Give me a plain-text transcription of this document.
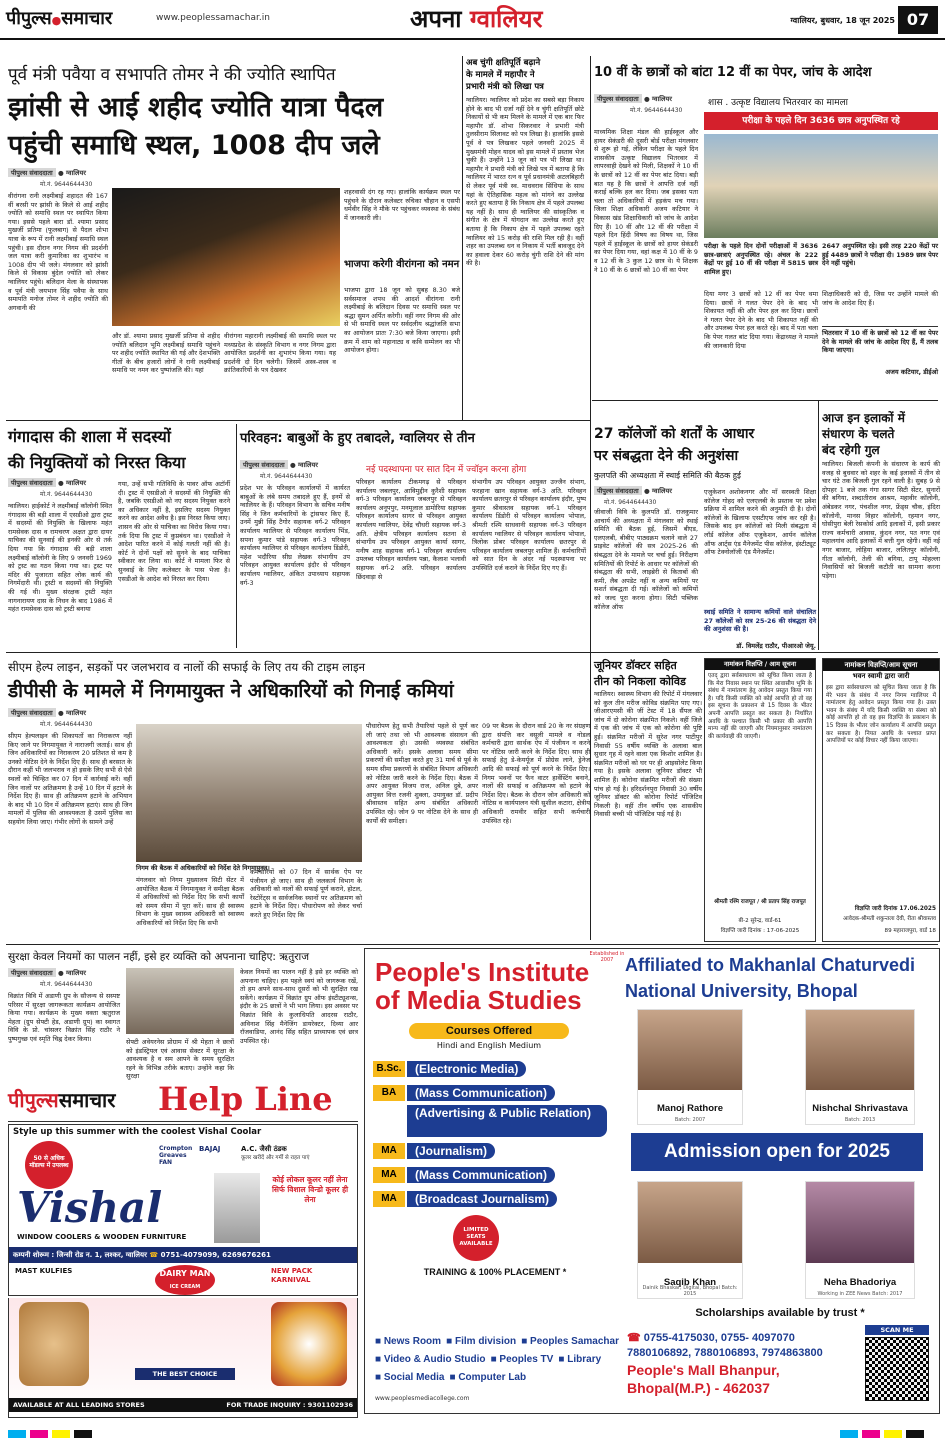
पीपुल्स●समाचार	www.peoplessamachar.in	अपना ग्वालियर	ग्वालियर, बुधवार, 18 जून 2025 07
पूर्व मंत्री पवैया व सभापति तोमर ने की ज्योति स्थापित
झांसी से आई शहीद ज्योति यात्रा पैदल
पहुंची समाधि स्थल, 1008 दीप जले
पीपुल्स संवाददाता ● ग्वालियर
मो.नं. 9644644430
वीरांगना रानी लक्ष्मीबाई शहादत की 167 वीं बरसी पर झांसी के किले से आई शहीद ज्योति को समाधि स्थल पर स्थापित किया गया। इससे पहले बारा डॉ. श्यामा प्रसाद मुखर्जी प्रतिमा (फूलबाग) से पैदल शोभा यात्रा के रूप में रानी लक्ष्मीबाई समाधि स्थल पहुंची। इस दौरान नगर निगम की प्रदर्शनी जल यात्रा करी कुमारिका का शुभारंभ व 1008 दीप भी जले। मंगलवार को झांसी किले से विकास बुंदेल ज्योति को लेकर ग्वालियर पहुंचे। बलिदान मेला के संस्थापक व पूर्व मंत्री जयभान सिंह पवैया के साथ समापति मनोज तोमर ने शहीद ज्योति की अगवानी की
और डॉ. श्यामा प्रसाद मुखर्जी प्रतिमा से शहीद ज्योति बलिदान भूमि लक्ष्मीबाई समाधि पहुंचने पर शहीद ज्योति स्थापित की गई और देशभक्ति गीतों के बीच हजारों लोगों ने रानी लक्ष्मीबाई समाधि पर नमन कर पुष्पांजलि की। यहां
वीरांगना महारानी लक्ष्मीबाई की समाधि स्थल पर मध्यप्रदेश के संस्कृति विभाग व नगर निगम द्वारा आयोजित प्रदर्शनी का शुभारंभ किया गया। यह प्रदर्शनी दो दिन चलेगी। जिसमें अस्त्र-शस्त्र व क्रांतिकारियों के पत्र देखकर
शहरवासी दंग रह गए। हालांकि कार्यक्रम स्थल पर पहुंचने के दौरान कलेक्टर रुचिका चौहान व एसपी धर्मवीर सिंह ने मौके पर पहुंचकर व्यवस्था के संबंध में जानकारी ली।
भाजपा करेगी वीरांगना को नमन
भाजपा द्वारा 18 जून को सुबह 8.30 बजे सर्वसमाज शपथ की आदर्श वीरांगना रानी लक्ष्मीबाई के बलिदान दिवस पर समाधि स्थल पर श्रद्धा सुमन अर्पित करेगी। वहीं नगर निगम की ओर से भी समाधि स्थल पर सर्वदलीय श्रद्धांजलि सभा का आयोजन प्रातः 7:30 बजे किया जाएगा। इसी क्रम में शाम को महानाट्य व कवि सम्मेलन का भी आयोजन होगा।
अब चुंगी क्षतिपूर्ति बढ़ाने
के मामले में महापौर ने
प्रभारी मंत्री को लिखा पत्र
ग्वालियर। ग्वालियर को प्रदेश का सबसे बड़ा निकाय होने के बाद भी दर्जा नहीं देने व चुंगी क्षतिपूर्ति छोटे निकायों से भी कम मिलने के मामले में एक बार फिर महापौर डॉ. शोभा सिकरवार ने प्रभारी मंत्री तुलसीराम सिलावट को पत्र लिखा है। हालांकि इससे पूर्व वे पत्र लिखकर पहले जनवरी 2025 में मुख्यमंत्री मोहन यादव को इस मामले में प्रस्ताव भेज चुकी हैं। उन्होंने 13 जून को पत्र भी लिखा था। महापौर ने प्रभारी मंत्री को लिखे पत्र में बताया है कि ग्वालियर में भारत रत्न व पूर्व प्रधानमंत्री अटलबिहारी से लेकर पूर्व मंत्री स्व. माधवराव सिंधिया के साथ यहां के ऐतिहासिक महत्व को मांगने का उल्लेख करते हुए बताया है कि निकाय क्षेत्र में पहले उपलब्ध यह नहीं है। साथ ही ग्वालियर की सांस्कृतिक व संगीत के क्षेत्र में योगदान का उल्लेख करते हुए बताया है कि निकाय क्षेत्र में पहले उपलब्ध रहते ग्वालियर को 15 करोड़ की राशि मिल रही है। वहीं शहर का उपलब्ध धन व निकाय में भर्ती बावजूद देने का हवाला देकर 60 करोड़ चुंगी राशि देने की मांग की है।
10 वीं के छात्रों को बांटा 12 वीं का पेपर, जांच के आदेश
पीपुल्स संवाददाता ● ग्वालियर
मो.नं. 9644644430
शास . उत्कृष्ट विद्यालय भितरवार का मामला
परीक्षा के पहले दिन 3636 छात्र अनुपस्थित रहे
माध्यमिक शिक्षा मंडल की हाईस्कूल और हायर सेकंडरी की दूसरी बोर्ड परीक्षा मंगलवार से शुरू हो गई, लेकिन परीक्षा के पहले दिन शासकीय उत्कृष्ट विद्यालय भितरवार में लापरवाही देखने को मिली, शिक्षकों ने 10 वीं के छात्रों को 12 वीं का पेपर बांट दिया। बड़ी बात यह है कि छात्रों ने आपत्ति दर्ज नहीं कराई बल्कि हल कर दिया। जब इसका पता चला तो अधिकारियों में हड़कंप मच गया। जिला शिक्षा अधिकारी अजय कटियार ने विकास खंड शिक्षाधिकारी को जांच के आदेश दिए हैं। 10 वीं और 12 वीं की परीक्षा में पहले दिन हिंदी विषय का विषय था, जिस पहले में हाईस्कूल के छात्रों को हायर सेकंडरी का पेपर दिया गया, वहां कक्ष में 10 वीं के 9 व 12 वीं के 3 कुल 12 छात्र थे। ये शिक्षक ने 10 वीं के 6 छात्रों को 10 वीं का पेपर
परीक्षा के पहले दिन दोनों परीक्षाओं में 3636 छात्र-छात्राएं अनुपस्थित रहे। अंचल के 222 केंद्रों पर हुई 10 वीं की परीक्षा में 5815 छात्र शामिल हुए।
2647 अनुपस्थित रहे। इसी तरह 220 केंद्रों पर हुई 4489 छात्रों ने परीक्षा दी। 1989 छात्र पेपर देने नहीं पहुंचे।
दिया मगर 3 छात्रों को 12 वीं का पेपर थमा दिया। छात्रों ने गलत पेपर देने के बाद भी शिकायत नहीं की और पेपर हल कर दिया। छात्रों ने गलत पेपर देने के बाद भी शिकायत नहीं की और उपलब्ध पेपर हल करते रहे। बाद में पता चला कि पेपर गलत बांट दिया गया। केंद्राध्यक्ष ने मामले की जानकारी दिया
शिक्षाधिकारी को दी, जिस पर उन्होंने मामले की जांच के आदेश दिए हैं।
भितरवार में 10 वीं के छात्रों को 12 वीं का पेपर देने के मामले की जांच के आदेश दिए हैं, मैं तलब किया जाएगा।
अजय कटियार, डीईओ
गंगादास की शाला में सदस्यों
की नियुक्तियों को निरस्त किया
पीपुल्स संवाददाता ● ग्वालियर
मो.नं. 9644644430
ग्वालियर। हाईकोर्ट ने लक्ष्मीबाई कॉलोनी स्थित गंगादास की बड़ी शाला में एसडीओ द्वारा ट्रस्ट में सदस्यों की नियुक्ति के खिलाफ महंत रामसेवक दास व रामचरण अक्षत द्वारा दायर याचिका की सुनवाई की इनकी ओर से तर्क दिया गया कि गंगादास की बड़ी शाला लक्ष्मीबाई कॉलोनी के लिए 9 जनवरी 1969 को ट्रस्ट का गठन किया गया था। ट्रस्ट पर मंदिर की पुजारता सहित लोक कार्य की निगमेंदारी थी। ट्रस्टी व सदस्यों की नियुक्ति की गई थी। मुख्य संरक्षक ट्रस्टी महंत नागनारायण दास के निधन के बाद 1986 में महंत रामसेवक दास को ट्रस्टी बनाया
गया, उन्हें सभी गतिविधि के पावर ऑफ अटॉर्नी दी। ट्रस्ट में एसडीओ ने सदस्यों की नियुक्ति की है, जबकि एसडीओ को नए सदस्य नियुक्त करने का अधिकार नहीं है, इसलिए सदस्य नियुक्त करने का आदेश अवैध है। इस निरस्त किया जाए। शासन की ओर से याचिका का विरोध किया गया। तर्क दिया कि ट्रस्ट में कुप्रबंधन था। एसडीओ ने आदेश पारित करने में कोई गलती नहीं की है। कोर्ट ने दोनों पक्षों को सुनने के बाद याचिका स्वीकार कर लिया था। कोर्ट ने मामला फिर से सुनवाई के लिए कलेक्टर के पास भेजा है। एसडीओ के आदेश को निरस्त कर दिया।
परिवहन: बाबुओं के हुए तबादले, ग्वालियर से तीन
पीपुल्स संवाददाता ● ग्वालियर
मो.नं. 9644644430
नई पदस्थापना पर सात दिन में ज्वॉइन करना होगा
प्रदेश भर के परिवहन कार्यालयों में कार्यरत बाबुओं के लंबे समय तबादले हुए हैं, इनमें से ग्वालियर के हैं। परिवहन विभाग के सचिव मनीष सिंह ने जिन कर्मचारियों के ट्रांसफर किए हैं, उनमें मुन्नी सिंह टैगोर सहायक वर्ग-2 परिवहन कार्यालय ग्वालियर से परिवहन कार्यालय भिंड, सपना कुमार पांडे सहायक वर्ग-3 परिवहन कार्यालय ग्वालियर से परिवहन कार्यालय डिंडोरी, महेश भदौरिया सीघ्र लेखक संभागीय उप परिवहन आयुक्त कार्यालय इंदौर से परिवहन कार्यालय ग्वालियर, अंकित उपाध्याय सहायक वर्ग-3
परिवहन कार्यालय टीकमगढ़ से परिवहन कार्यालय जबलपुर, आविमुद्दीन कुरैशी सहायक वर्ग-3 परिवहन कार्यालय जबलपुर से परिवहन कार्यालय अनूपपुर, मनमूलाल डामोरिया सहायक परिवहन कार्यालय सागर से परिवहन आयुक्त कार्यालय ग्वालियर, देवेंद्र चौधरी सहायक वर्ग-3 अति. क्षेत्रीय परिवहन कार्यालय सतना से संभागीय उप परिवहन आयुक्त कार्या सागर, मनीष शाह सहायक वर्ग-1 परिवहन कार्यालय उपलब्ध परिवहन कार्यालय पन्ना, कैलाश भलावी सहायक वर्ग-2 अति. परिवहन कार्यालय छिंदवाड़ा से
संभागीय उप परिवहन आयुक्त उज्जैन संभाग, फरहाना खान सहायक वर्ग-3 अति. परिवहन कार्यालय छतरपुर से परिवहन कार्यालय इंदौर, पुष्प कुमार श्रीवास्तव सहायक वर्ग-1 परिवहन कार्यालय डिंडोरी से परिवहन कार्यालय भोपाल, श्रीमती रश्मि साधवानी सहायक वर्ग-3 परिवहन कार्यालय ग्वालियर से परिवहन कार्यालय भोपाल, त्रिलोक प्रोबर परिवहन कार्यालय छतरपुर से परिवहन कार्यालय जबलपुर शामिल हैं। कर्मचारियों को सात दिन के अंदर नई पदस्थापना पर उपस्थिति दर्ज कराने के निर्देश दिए गए हैं।
27 कॉलेजों को शर्तों के आधार
पर संबद्धता देने की अनुशंसा
कुलपति की अध्यक्षता में स्थाई समिति की बैठक हुई
पीपुल्स संवाददाता ● ग्वालियर
मो.नं. 9644644430
जीवाजी विवि के कुलपति डॉ. राजकुमार आचार्य की अध्यक्षता में मंगलवार को स्थाई समिति की बैठक हुई, जिसमें बीएड, एलएलबी, बीबीए पाठ्यक्रम चलाने वाले 27 प्राइवेट कॉलेजों की सत्र 2025-26 की संबद्धता देने के मामले पर चर्चा हुई। निरीक्षण समितियों की रिपोर्ट के आधार पर कॉलेजों की संबद्धता की सभी, लाइब्रेरी से किताबों की कमी, लैब अपडेट नहीं व अन्य कमियों पर सशर्त संबद्धता दी गई। कॉलेजों को कमियों को जल्द पूरा करना होगा। सिटी पब्लिक कॉलेज ऑफ
एजुकेशन अशोकनगर और माँ सरस्वती शिक्षा कॉलेज गोहद को एलएलबी के प्रस्ताव पर प्रवेश प्रक्रिया में शामिल करने की अनुमति दी है। दोनों कॉलेजों के खिलाफ एसटीएफ जांच कर रही है। जिसके बाद इन कॉलेजों को मिली संबद्धता में लॉर्ड कॉलेज ऑफ एजुकेशन, आर्यन कॉलेज ऑफ आर्ट्स एंड मैनेजमेंट पीस कॉलेज, इंस्टीट्यूट ऑफ टेक्नोलॉजी एंड मैनेजमेंट।
स्थाई समिति ने सामान्य कमियों वाले संचालित 27 कॉलेजों को सत्र 25-26 की संबद्धता देने की अनुशंसा की है।
डॉ. विमलेंद्र राठौर, पीआरओ जेयू.
आज इन इलाकों में
संधारण के चलते
बंद रहेगी गुल
ग्वालियर। बिजली कंपनी के संधारण के कार्य की वजह से बुधवार को शहर के कई इलाकों में तीन से चार घंटे तक बिजली गुल रहने वाली है। सुबह 9 से दोपहर 1 बजे तक गंगा सागर सिटी सेंटर, सुनारों की बगिया, शब्दातीराव आश्रम, महावीर कॉलोनी, अंबेडकर नगर, पंचशील नगर, फ्रेंड्स चौक, इंदिरा कॉलोनी, मानस विहार कॉलोनी, रहमान नगर, घोसीपुरा बेली रेसकोर्स आदि इलाकों में, इसी प्रकार राज्य कर्मचारी आवास, कुंदन नगर, पत नगर एवं महालगांव आदि इलाकों में बत्ती गुल रहेगी। वहीं नई नगर बाजार, लोहिया बाजार, ललितपुर कॉलोनी, गीता कॉलोनी, तेली की बगिया, टापू मोहल्ला निवासियों को बिजली कटौती का सामना करना पड़ेगा।
सीएम हेल्प लाइन, सड़कों पर जलभराव व नालों की सफाई के लिए तय की टाइम लाइन
डीपीसी के मामले में निगमायुक्त ने अधिकारियों को गिनाई कमियां
पीपुल्स संवाददाता ● ग्वालियर
मो.नं. 9644644430
सीएम हेल्पलाइन की शिकायतों का निराकरण नहीं किए जाने पर निगमायुक्त ने नाराजगी जताई। साथ ही जिन अधिकारियों का निराकरण 20 प्रतिशत से कम है उनको नोटिस देने के निर्देश दिए हैं। साथ ही बरसात के दौरान कहीं भी जलभराव न हो इसके लिए सभी से ऐसे स्थलों को चिन्हित कर 07 दिन में कार्रवाई करें। वहीं जिन नालों पर अतिक्रमण है उन्हें 10 दिन में हटाने के निर्देश दिए हैं। साथ ही अतिक्रमण हटाने के अभियान के बाद भी 10 दिन में अतिक्रमण हटाएं। साथ ही जिन मामलों में पुलिस की आवश्यकता है उसमें पुलिस का सहयोग लिया जाए। गंभीर लोगों के सामने उन्हें
निगम की बैठक में अधिकारियों को निर्देश देते निगमायुक्त।
मंगलवार को निगम मुख्यालय सिटी सेंटर में आयोजित बैठक में निगमायुक्त ने समीक्षा बैठक में अधिकारियों को निर्देश दिए कि सभी कार्यों को समय सीमा में पूरा करें। साथ ही स्वास्थ्य विभाग के मुख्य स्वास्थ्य अधिकारी को स्वास्थ्य अधिकारियों को निर्देश दिए कि सभी
कर्मचारियों को 07 दिन में सार्थक ऐप पर पंजीयन हो जाए। साथ ही जलकार्य विभाग के अधिकारी को नालों की सफाई पूर्ण कराने, होटल, रेस्टोरेंट्स व सार्वजनिक स्थानों पर अतिक्रमण को हटाने के निर्देश दिए। पौधारोपण को लेकर चर्चा करते हुए निर्देश दिए कि
पौधारोपण हेतु सभी तैयारियां पहले से पूर्ण कर ली जाएं तथा जो भी आवश्यक संसाधन की आवश्यकता हो। उसकी व्यवस्था संबंधित अधिकारी करें। इसके अलावा समय सीमा प्रकरणों की समीक्षा करते हुए 31 मार्च से पूर्व के समय सीमा प्रकरणों के संबंधित विभाग अधिकारी को नोटिस जारी करने के निर्देश दिए। बैठक में अपर आयुक्त विजय राज, अनिल दुबे, अपर आयुक्त वित्त रजनी शुक्ला, उपायुक्त डॉ. प्रदीप श्रीवास्तव सहित अन्य संबंधित अधिकारी उपस्थित रहे। जोन 9 पर नोटिस देने के साथ ही कार्यों की समीक्षा।
09 पर बैठक के दौरान वार्ड 20 के नर संग्रहण द्वारा संपत्ति कर वसूली मामले व नोडल कर्मचारी द्वारा सार्थक ऐप में पंजीयन न करने पर नोटिस जारी करने के निर्देश दिए। साथ ही सफाई हेतु डे-केयर्यूज में प्रोग्रेस लाने, ड्रेनेज आदि की सफाई को पूर्ण करने के निर्देश दिए। निगम भवनों पर फैन वाटर हार्वेस्टिंग बनाने, नालों की सफाई व अतिक्रमण को हटाने के निर्देश दिए। बैठक के दौरान जोन अधिकारी को नोटिस व कार्यपालन यंत्री सुशील कटारा, क्षेत्रीय अधिकारी रामवीर सहित सभी कर्मचारी उपस्थित रहे।
जूनियर डॉक्टर सहित
तीन को निकला कोविड
ग्वालियर। स्वास्थ्य विभाग की रिपोर्ट में मंगलवार को कुल तीन मरीज कोविड संक्रमित पाए गए। जीआरएमसी की जीं टेस्ट में 18 सैंपल की जांच में दो कोरोना संक्रमित निकले। वहीं जिले में एक की जांच में एक को कोरोना की पुष्टि हुई। संक्रमित मरीजों में सुरेश नगर पाटीपुर निवासी 55 वर्षीय व्यक्ति के अलावा बाल सुधार गृह में रहने वाला एक किशोर शामिल है। संक्रमित मरीजों को घर पर ही आइसोलेट किया गया है। इसके अलावा जूनियर डॉक्टर भी शामिल हैं। कोरोना संक्रमित मरीजों की संख्या पांच हो गई है। हरिदर्शनपुरा निवासी 30 वर्षीय जूनियर डॉक्टर की कोरोना रिपोर्ट पॉजिटिव निकली है। वहीं तीन वर्षीय एक शासकीय निवासी बच्ची भी पॉजिटिव पाई गई है।
नामांकन विज्ञप्ति / आम सूचना
एतद् द्वारा सर्वसाधारण को सूचित किया जाता है कि मेरा निवास स्थान पर स्थित आवासीय भूमि के संबंध में नामांतरण हेतु आवेदन प्रस्तुत किया गया है। यदि किसी व्यक्ति को कोई आपत्ति हो तो वह इस सूचना के प्रकाशन से 15 दिवस के भीतर अपनी आपत्ति प्रस्तुत कर सकता है। निर्धारित अवधि के पश्चात किसी भी प्रकार की आपत्ति मान्य नहीं की जाएगी और नियमानुसार नामांतरण की कार्यवाही की जाएगी।
श्रीमती रश्मि राजपूत / श्री प्रताप सिंह राजपूत
बी-2 सुरेन्द्र, वार्ड-61
विज्ञप्ति जारी दिनांक : 17-06-2025
नामांकन विज्ञप्ति/आम सूचना
भवन स्वामी द्वारा जारी
इस द्वारा सर्वसाधारण को सूचित किया जाता है कि मेरे भवन के संबंध में नगर निगम ग्वालियर में नामांतरण हेतु आवेदन प्रस्तुत किया गया है। उक्त भवन के संबंध में यदि किसी व्यक्ति या संस्था को कोई आपत्ति हो तो वह इस विज्ञप्ति के प्रकाशन के 15 दिवस के भीतर जोन कार्यालय में आपत्ति प्रस्तुत कर सकता है। नियत अवधि के पश्चात प्राप्त आपत्तियों पर कोई विचार नहीं किया जाएगा।
विज्ञप्ति जारी दिनांक 17.06.2025
आवेदक-श्रीमती शकुन्तला देवी, रीता श्रीवास्तव
89 महाराजपुरा, वार्ड 18
सुरक्षा केवल नियमों का पालन नहीं, इसे हर व्यक्ति को अपनाना चाहिए: ऋतुराज
पीपुल्स संवाददाता ● ग्वालियर
मो.नं. 9644644430
विक्रांत विवि में अडाणी ग्रुप के सौजन्य से सस्पष्ट परिसर में सुरक्षा जागरूकता कार्यक्रम आयोजित किया गया। कार्यक्रम के मुख्य वक्ता ऋतुराज मेहता (ग्रुप सेफ्टी हेड, अडाणी ग्रुप) का स्वागत विवि के प्रो. चांसलर विक्रांत सिंह राठौर ने पुष्पगुच्छ एवं स्मृति चिह्न देकर किया।	सेफ्टी अवेयरनेस प्रोग्राम में श्री मेहता ने छात्रों को इंडस्ट्रियल एवं आवास सेक्टर में सुरक्षा के आवश्यक है व सम आपने के समय सुरक्षित रहने के विभिन्न तरीके बताए। उन्होंने कहा कि सुरक्षा
केवल नियमों का पालन नहीं है इसे हर व्यक्ति को अपनाना चाहिए। हम पहले स्वयं को जागरूक रखें, तो हम अपने साथ-साथ दूसरों को भी सुरक्षित रख सकेंगे। कार्यक्रम में विक्रांत ग्रुप ऑफ इंस्टीट्यूशन्स, इंदौर के 25 छात्रों ने भी भाग लिया। इस अवसर पर विक्रांत विवि के कुलाधिपति आदरस राठौर, अविनाश सिंह मैनेजिंग डायरेक्टर, दिव्या आर रॉजवाडिया, आनंद सिंह सहित प्राध्यापक एवं छात्र उपस्थित रहे।
पीपुल्ससमाचार	Help Line
Style up this summer with the coolest Vishal Coolar
50 से अधिक मॉडल्स में उपलब्ध
Crompton Greaves FAN
BAJAJ	A.C. जैसी ठंडक
कूलर खरीदें और गर्मी से राहत पाएं
Vishal
WINDOW COOLERS & WOODEN FURNITURE
कोई लोकल कूलर नहीं लेना सिर्फ विशाल विन्डो कूलर ही लेना
कम्पनी शोरूम : जिन्सी रोड न. 1, लश्कर, ग्वालियर ☎ 0751-4079099, 6269676261
MAST KULFIES	NEW PACK KARNIVAL
DAIRY MAN
ICE CREAM
THE BEST CHOICE
AVAILABLE AT ALL LEADING STORES	FOR TRADE INQUIRY : 9301102936
People's Institute
of Media Studies
Established in 2007 Affiliated to Makhanlal Chaturvedi
National University, Bhopal
Courses Offered
Hindi and English Medium
B.Sc.	(Electronic Media)
BA	(Mass Communication)
(Advertising & Public Relation)
MA	(Journalism)
MA	(Mass Communication)
MA	(Broadcast Journalism)
LIMITED SEATS AVAILABLE
TRAINING & 100% PLACEMENT *
Manoj Rathore
Batch: 2007
Nishchal Shrivastava
Batch: 2013
Admission open for 2025
Saqib Khan
Dainik Bhaskar, Digital, Bhopal Batch: 2015
Neha Bhadoriya
Working in ZEE News Batch: 2017
Scholarships available by trust *
■ News Room ■ Film division ■ Peoples Samachar
■ Video & Audio Studio ■ Peoples TV ■ Library
■ Social Media ■ Computer Lab
www.peoplesmediacollege.com
☎ 0755-4175030, 0755- 4097070
7880106892, 7880106893, 7974863800
People's Mall Bhanpur,
Bhopal(M.P.) - 462037
SCAN ME
